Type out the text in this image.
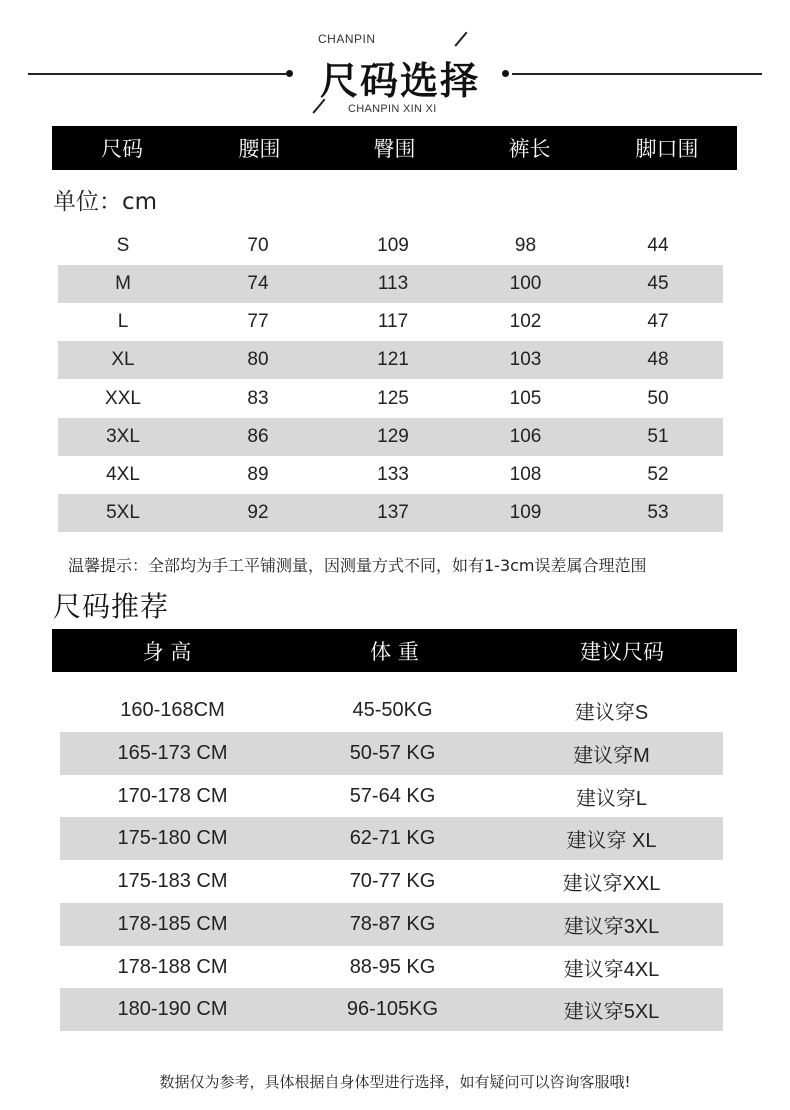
CHANPIN
尺码选择
CHANPIN XIN XI
尺码	腰围	臀围	裤长	脚口围
单位：cm
S	70	109	98	44
M	74	113	100	45
L	77	117	102	47
XL	80	121	103	48
XXL	83	125	105	50
3XL	86	129	106	51
4XL	89	133	108	52
5XL	92	137	109	53
温馨提示：全部均为手工平铺测量，因测量方式不同，如有1-3cm误差属合理范围
尺码推荐
身 高	体 重	建议尺码
160-168CM	45-50KG	建议穿S
165-173 CM	50-57 KG	建议穿M
170-178 CM	57-64 KG	建议穿L
175-180 CM	62-71 KG	建议穿 XL
175-183 CM	70-77 KG	建议穿XXL
178-185 CM	78-87 KG	建议穿3XL
178-188 CM	88-95 KG	建议穿4XL
180-190 CM	96-105KG	建议穿5XL
数据仅为参考，具体根据自身体型进行选择，如有疑问可以咨询客服哦!
